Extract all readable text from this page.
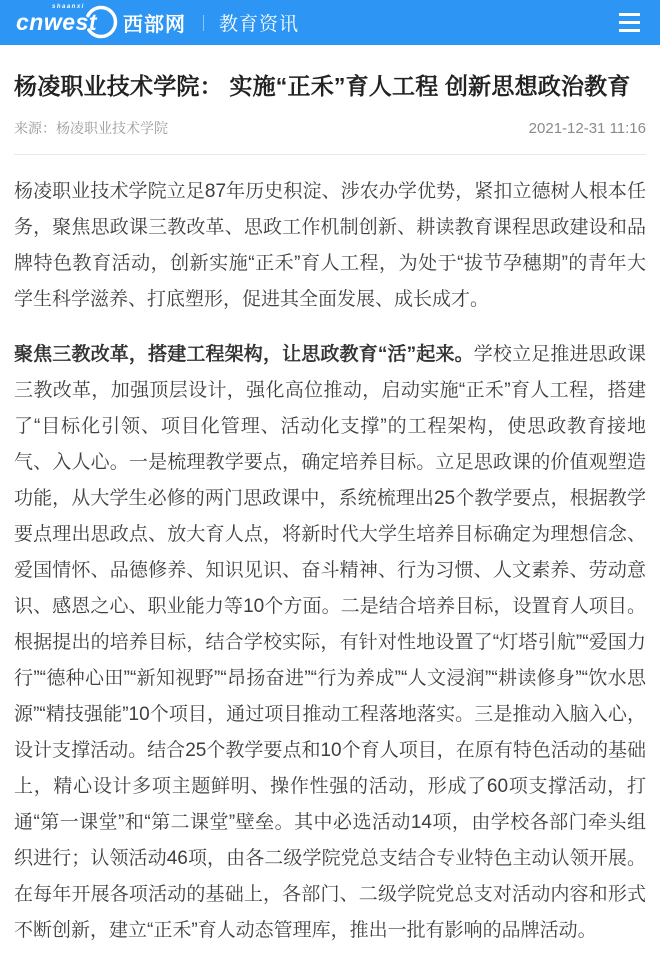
shaanxi
cnwest	西部网 教育资讯
杨凌职业技术学院： 实施“正禾”育人工程 创新思想政治教育
来源：杨凌职业技术学院	2021-12-31 11:16

杨凌职业技术学院立足87年历史积淀、涉农办学优势，紧扣立德树人根本任务，聚焦思政课三教改革、思政工作机制创新、耕读教育课程思政建设和品牌特色教育活动，创新实施“正禾”育人工程，为处于“拔节孕穗期”的青年大学生科学滋养、打底塑形，促进其全面发展、成长成才。

聚焦三教改革，搭建工程架构，让思政教育“活”起来。学校立足推进思政课三教改革，加强顶层设计，强化高位推动，启动实施“正禾”育人工程，搭建了“目标化引领、项目化管理、活动化支撑”的工程架构，使思政教育接地气、入人心。一是梳理教学要点，确定培养目标。立足思政课的价值观塑造功能，从大学生必修的两门思政课中，系统梳理出25个教学要点，根据教学要点理出思政点、放大育人点，将新时代大学生培养目标确定为理想信念、爱国情怀、品德修养、知识见识、奋斗精神、行为习惯、人文素养、劳动意识、感恩之心、职业能力等10个方面。二是结合培养目标，设置育人项目。根据提出的培养目标，结合学校实际，有针对性地设置了“灯塔引航”“爱国力行”“德种心田”“新知视野”“昂扬奋进”“行为养成”“人文浸润”“耕读修身”“饮水思源”“精技强能”10个项目，通过项目推动工程落地落实。三是推动入脑入心，设计支撑活动。结合25个教学要点和10个育人项目，在原有特色活动的基础上，精心设计多项主题鲜明、操作性强的活动，形成了60项支撑活动，打通“第一课堂”和“第二课堂”壁垒。其中必选活动14项，由学校各部门牵头组织进行；认领活动46项，由各二级学院党总支结合专业特色主动认领开展。在每年开展各项活动的基础上，各部门、二级学院党总支对活动内容和形式不断创新，建立“正禾”育人动态管理库，推出一批有影响的品牌活动。
